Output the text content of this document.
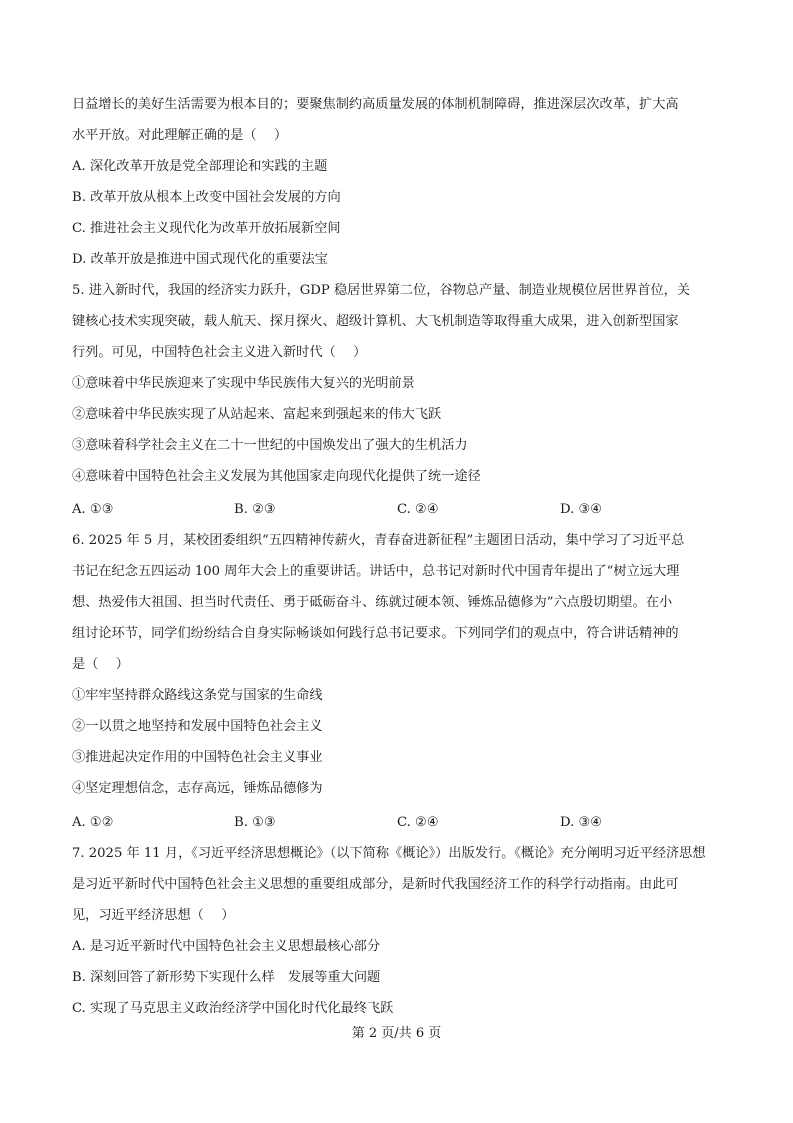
日益增长的美好生活需要为根本目的；要聚焦制约高质量发展的体制机制障碍，推进深层次改革，扩大高
水平开放。对此理解正确的是（　 ）
A. 深化改革开放是党全部理论和实践的主题
B. 改革开放从根本上改变中国社会发展的方向
C. 推进社会主义现代化为改革开放拓展新空间
D. 改革开放是推进中国式现代化的重要法宝
5. 进入新时代，我国的经济实力跃升，GDP 稳居世界第二位，谷物总产量、制造业规模位居世界首位，关
键核心技术实现突破，载人航天、探月探火、超级计算机、大飞机制造等取得重大成果，进入创新型国家
行列。可见，中国特色社会主义进入新时代（　 ）
①意味着中华民族迎来了实现中华民族伟大复兴的光明前景
②意味着中华民族实现了从站起来、富起来到强起来的伟大飞跃
③意味着科学社会主义在二十一世纪的中国焕发出了强大的生机活力
④意味着中国特色社会主义发展为其他国家走向现代化提供了统一途径
A. ①③	B. ②③	C. ②④	D. ③④
6. 2025 年 5 月，某校团委组织“五四精神传薪火，青春奋进新征程”主题团日活动，集中学习了习近平总
书记在纪念五四运动 100 周年大会上的重要讲话。讲话中，总书记对新时代中国青年提出了“树立远大理
想、热爱伟大祖国、担当时代责任、勇于砥砺奋斗、练就过硬本领、锤炼品德修为”六点殷切期望。在小
组讨论环节，同学们纷纷结合自身实际畅谈如何践行总书记要求。下列同学们的观点中，符合讲话精神的
是（　 ）
①牢牢坚持群众路线这条党与国家的生命线
②一以贯之地坚持和发展中国特色社会主义
③推进起决定作用的中国特色社会主义事业
④坚定理想信念，志存高远，锤炼品德修为
A. ①②	B. ①③	C. ②④	D. ③④
7. 2025 年 11 月，《习近平经济思想概论》（以下简称《概论》）出版发行。《概论》充分阐明习近平经济思想
是习近平新时代中国特色社会主义思想的重要组成部分，是新时代我国经济工作的科学行动指南。由此可
见，习近平经济思想（　 ）
A. 是习近平新时代中国特色社会主义思想最核心部分
B. 深刻回答了新形势下实现什么样　发展等重大问题
C. 实现了马克思主义政治经济学中国化时代化最终飞跃
第 2 页/共 6 页
